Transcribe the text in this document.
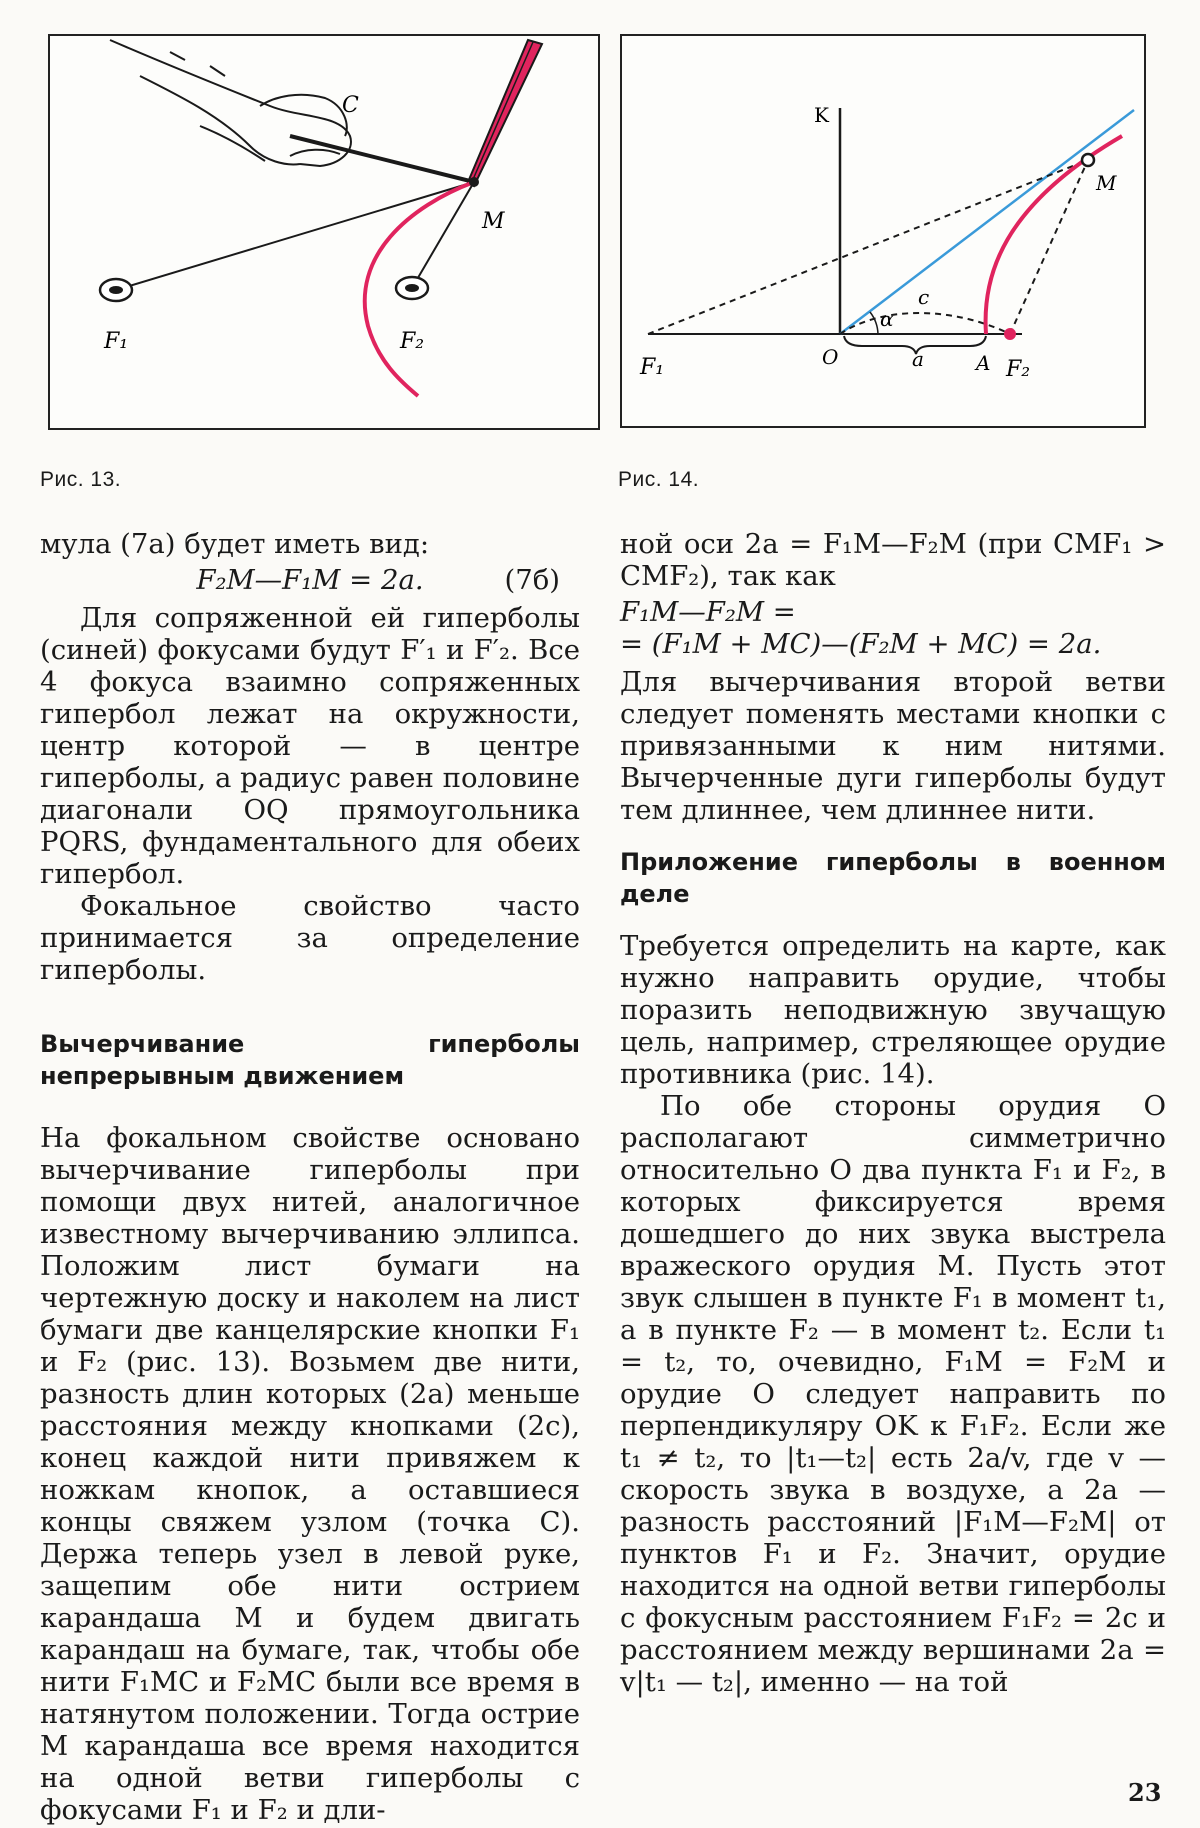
C
M
F₁	F₂
K
M
F₁	O	a
c
α
A F₂
Рис. 13.	Рис. 14.

мула (7а) будет иметь вид:

F₂M—F₁M = 2a.	(7б)

Для сопряженной ей гиперболы (синей) фокусами будут F′₁ и F′₂. Все 4 фокуса взаимно сопряженных гипербол лежат на окружности, центр которой — в центре гиперболы, а радиус равен половине диагонали OQ прямоугольника PQRS, фундаментального для обеих гипербол.

Фокальное свойство часто принимается за определение гиперболы.

Вычерчивание гиперболы непрерывным движением

На фокальном свойстве основано вычерчивание гиперболы при помощи двух нитей, аналогичное известному вычерчиванию эллипса. Положим лист бумаги на чертежную доску и наколем на лист бумаги две канцелярские кнопки F₁ и F₂ (рис. 13). Возьмем две нити, разность длин которых (2a) меньше расстояния между кнопками (2c), конец каждой нити привяжем к ножкам кнопок, а оставшиеся концы свяжем узлом (точка C). Держа теперь узел в левой руке, защепим обе нити острием карандаша M и будем двигать карандаш на бумаге, так, чтобы обе нити F₁MC и F₂MC были все время в натянутом положении. Тогда острие M карандаша все время находится на одной ветви гиперболы с фокусами F₁ и F₂ и дли-

ной оси 2a = F₁M—F₂M (при CMF₁ > CMF₂), так как

F₁M—F₂M =
= (F₁M + MC)—(F₂M + MC) = 2a.

Для вычерчивания второй ветви следует поменять местами кнопки с привязанными к ним нитями. Вычерченные дуги гиперболы будут тем длиннее, чем длиннее нити.

Приложение гиперболы в военном деле

Требуется определить на карте, как нужно направить орудие, чтобы поразить неподвижную звучащую цель, например, стреляющее орудие противника (рис. 14).

По обе стороны орудия O располагают симметрично относительно O два пункта F₁ и F₂, в которых фиксируется время дошедшего до них звука выстрела вражеского орудия M. Пусть этот звук слышен в пункте F₁ в момент t₁, а в пункте F₂ — в момент t₂. Если t₁ = t₂, то, очевидно, F₁M = F₂M и орудие O следует направить по перпендикуляру OK к F₁F₂. Если же t₁ ≠ t₂, то |t₁—t₂| есть 2a/v, где v — скорость звука в воздухе, а 2a — разность расстояний |F₁M—F₂M| от пунктов F₁ и F₂. Значит, орудие находится на одной ветви гиперболы с фокусным расстоянием F₁F₂ = 2c и расстоянием между вершинами 2a = v|t₁ — t₂|, именно — на той

23
